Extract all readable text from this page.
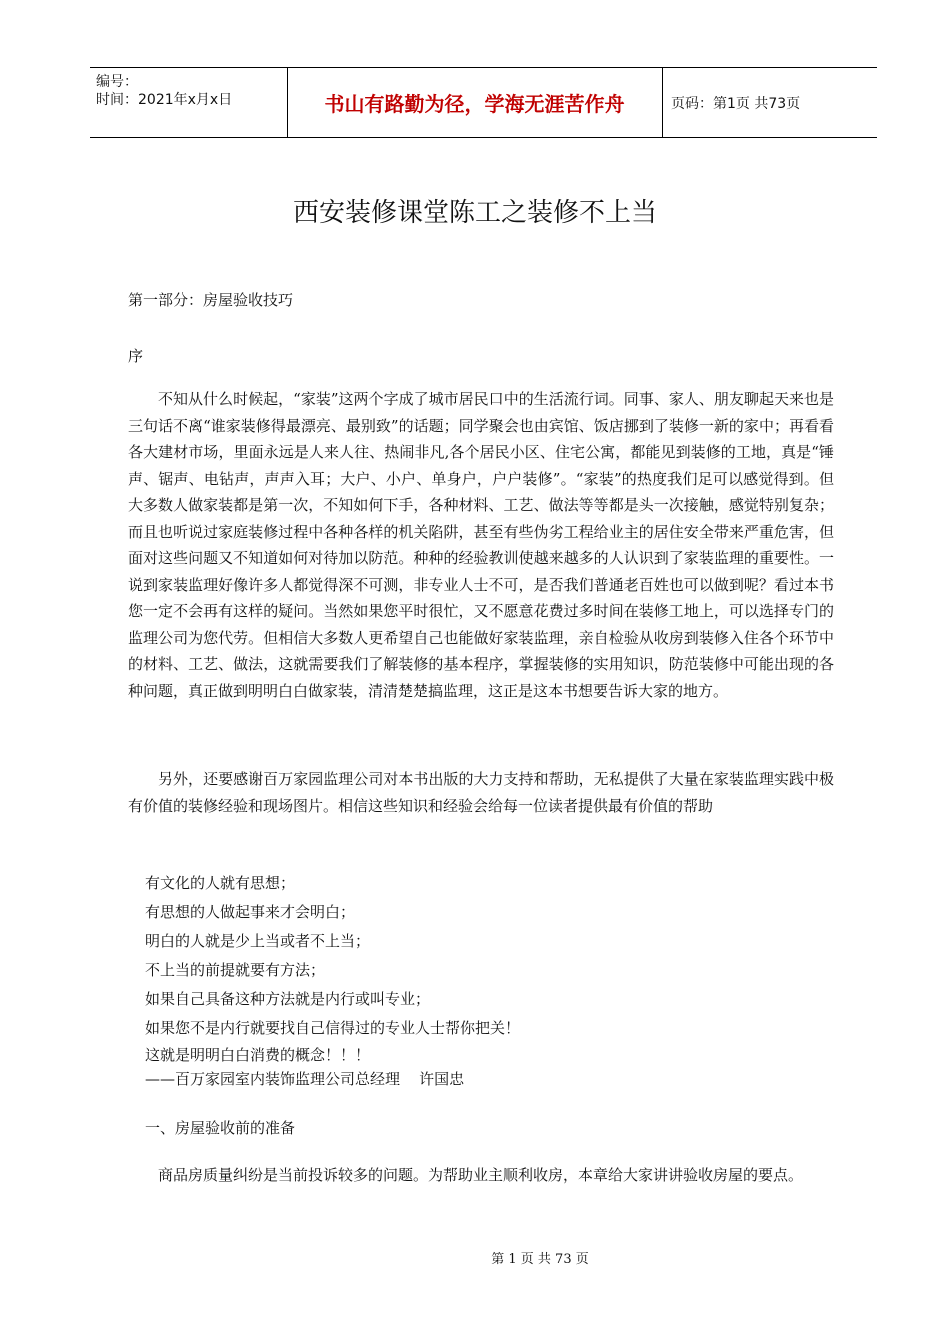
编号：
时间：2021年x月x日	书山有路勤为径，学海无涯苦作舟	页码：第1页 共73页
西安装修课堂陈工之装修不上当
第一部分：房屋验收技巧
序
不知从什么时候起，“家装”这两个字成了城市居民口中的生活流行词。同事、家人、朋友聊起天来也是三句话不离“谁家装修得最漂亮、最别致”的话题；同学聚会也由宾馆、饭店挪到了装修一新的家中；再看看各大建材市场，里面永远是人来人往、热闹非凡,各个居民小区、住宅公寓，都能见到装修的工地，真是“锤声、锯声、电钻声，声声入耳；大户、小户、单身户，户户装修”。“家装”的热度我们足可以感觉得到。但大多数人做家装都是第一次，不知如何下手，各种材料、工艺、做法等等都是头一次接触，感觉特别复杂；而且也听说过家庭装修过程中各种各样的机关陷阱，甚至有些伪劣工程给业主的居住安全带来严重危害，但面对这些问题又不知道如何对待加以防范。种种的经验教训使越来越多的人认识到了家装监理的重要性。一说到家装监理好像许多人都觉得深不可测，非专业人士不可，是否我们普通老百姓也可以做到呢？看过本书您一定不会再有这样的疑问。当然如果您平时很忙，又不愿意花费过多时间在装修工地上，可以选择专门的监理公司为您代劳。但相信大多数人更希望自己也能做好家装监理，亲自检验从收房到装修入住各个环节中的材料、工艺、做法，这就需要我们了解装修的基本程序，掌握装修的实用知识，防范装修中可能出现的各种问题，真正做到明明白白做家装，清清楚楚搞监理，这正是这本书想要告诉大家的地方。
另外，还要感谢百万家园监理公司对本书出版的大力支持和帮助，无私提供了大量在家装监理实践中极有价值的装修经验和现场图片。相信这些知识和经验会给每一位读者提供最有价值的帮助
有文化的人就有思想；
有思想的人做起事来才会明白；
明白的人就是少上当或者不上当；
不上当的前提就要有方法；
如果自己具备这种方法就是内行或叫专业；
如果您不是内行就要找自己信得过的专业人士帮你把关！
这就是明明白白消费的概念！！！
——百万家园室内装饰监理公司总经理    许国忠
一、房屋验收前的准备
商品房质量纠纷是当前投诉较多的问题。为帮助业主顺利收房，本章给大家讲讲验收房屋的要点。
第 1 页 共 73 页
